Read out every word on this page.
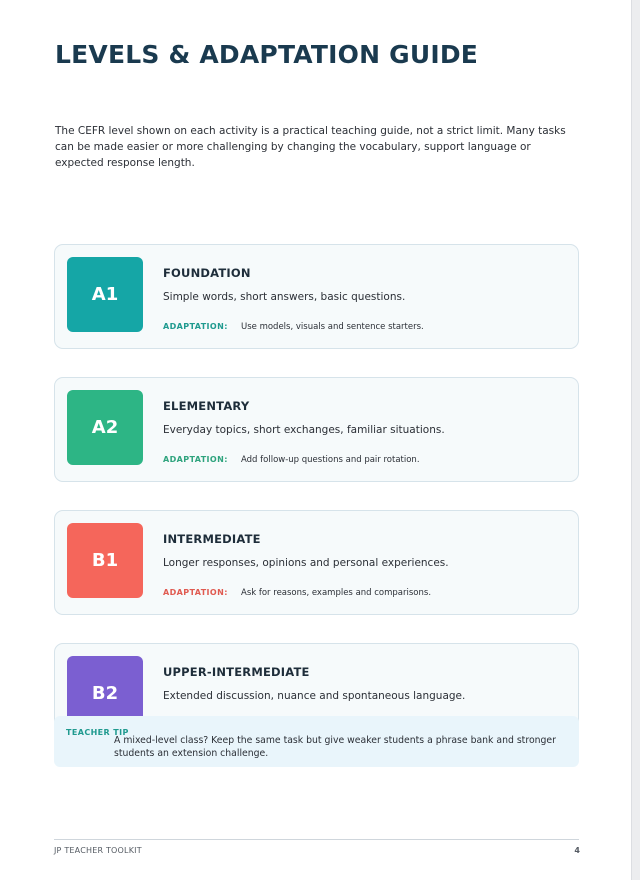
LEVELS & ADAPTATION GUIDE

The CEFR level shown on each activity is a practical teaching guide, not a strict limit. Many tasks can be made easier or more challenging by changing the vocabulary, support language or expected response length.

A1
FOUNDATION
Simple words, short answers, basic questions.
ADAPTATION: Use models, visuals and sentence starters.
A2
ELEMENTARY
Everyday topics, short exchanges, familiar situations.
ADAPTATION: Add follow-up questions and pair rotation.
B1
INTERMEDIATE
Longer responses, opinions and personal experiences.
ADAPTATION: Ask for reasons, examples and comparisons.
B2
UPPER-INTERMEDIATE
Extended discussion, nuance and spontaneous language.
TEACHER TIP
A mixed-level class? Keep the same task but give weaker students a phrase bank and stronger students an extension challenge.
JP TEACHER TOOLKIT	4
